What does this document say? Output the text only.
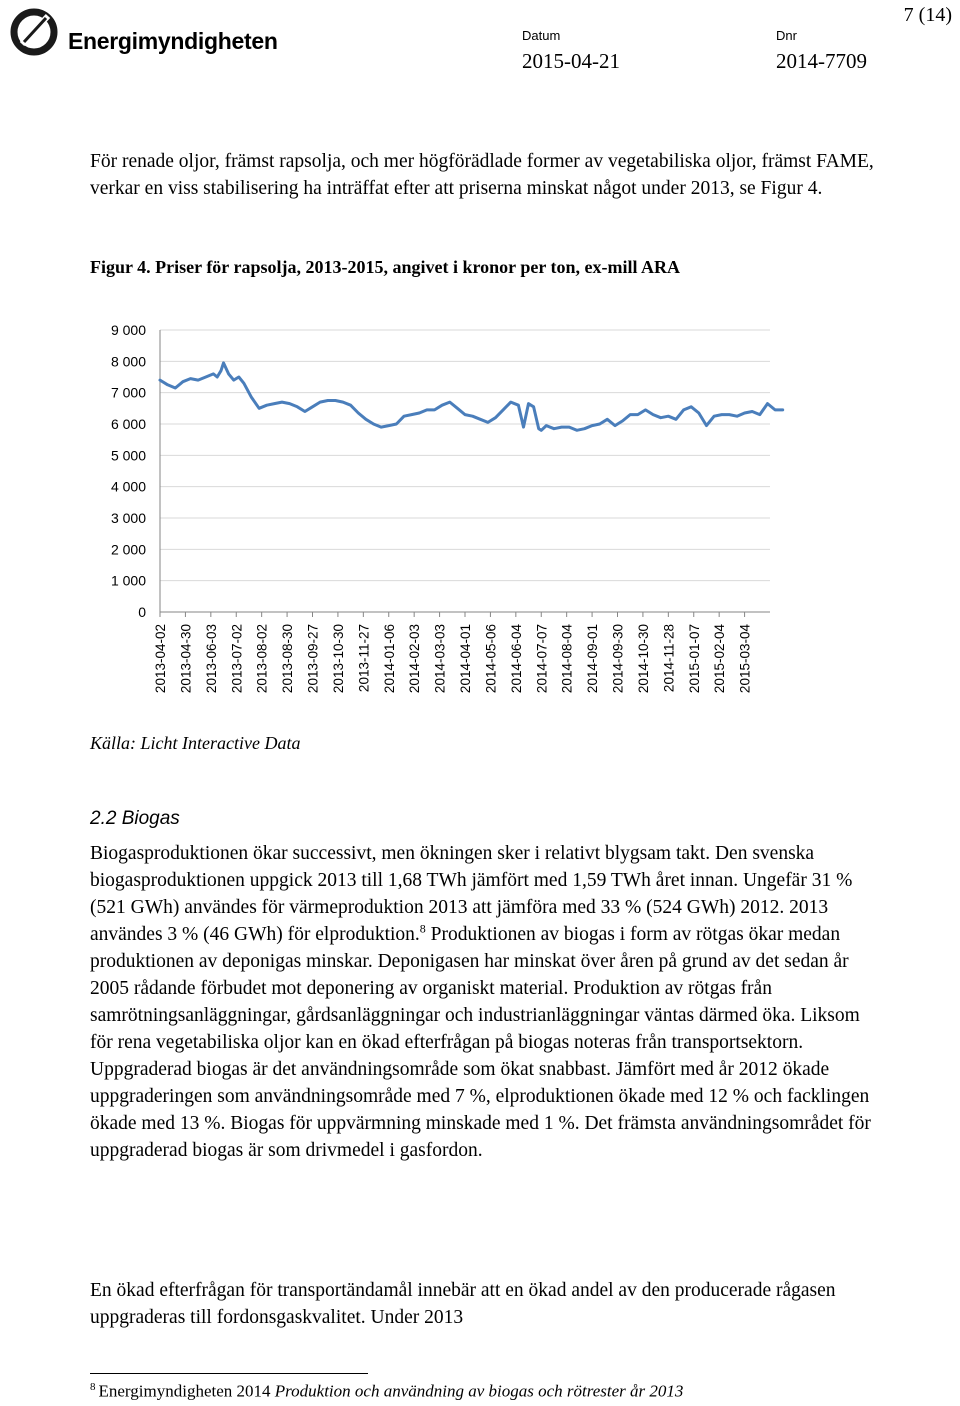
Energimyndigheten	Datum
2015-04-21
Dnr
2014-7709
7 (14)

För renade oljor, främst rapsolja, och mer högförädlade former av vegetabiliska oljor, främst FAME, verkar en viss stabilisering ha inträffat efter att priserna minskat något under 2013, se Figur 4.

Figur 4. Priser för rapsolja, 2013-2015, angivet i kronor per ton, ex-mill ARA
9 000
8 000
7 000
6 000
5 000
4 000
3 000
2 000
1 000
0
2013-04-02 2013-04-30 2013-06-03 2013-07-02 2013-08-02 2013-08-30 2013-09-27 2013-10-30 2013-11-27 2014-01-06 2014-02-03 2014-03-03 2014-04-01 2014-05-06 2014-06-04 2014-07-07 2014-08-04 2014-09-01 2014-09-30 2014-10-30 2014-11-28 2015-01-07 2015-02-04 2015-03-04
Källa: Licht Interactive Data
2.2 Biogas

Biogasproduktionen ökar successivt, men ökningen sker i relativt blygsam takt. Den svenska biogasproduktionen uppgick 2013 till 1,68 TWh jämfört med 1,59 TWh året innan. Ungefär 31 % (521 GWh) användes för värmeproduktion 2013 att jämföra med 33 % (524 GWh) 2012. 2013 användes 3 % (46 GWh) för elproduktion.$^8$ Produktionen av biogas i form av rötgas ökar medan produktionen av deponigas minskar. Deponigasen har minskat över åren på grund av det sedan år 2005 rådande förbudet mot deponering av organiskt material. Produktion av rötgas från samrötningsanläggningar, gårdsanläggningar och industrianläggningar väntas därmed öka. Liksom för rena vegetabiliska oljor kan en ökad efterfrågan på biogas noteras från transportsektorn. Uppgraderad biogas är det användningsområde som ökat snabbast. Jämfört med år 2012 ökade uppgraderingen som användningsområde med 7 %, elproduktionen ökade med 12 % och facklingen ökade med 13 %. Biogas för uppvärmning minskade med 1 %. Det främsta användningsområdet för uppgraderad biogas är som drivmedel i gasfordon.

En ökad efterfrågan för transportändamål innebär att en ökad andel av den producerade rågasen uppgraderas till fordonsgaskvalitet. Under 2013

$^8$ Energimyndigheten 2014 Produktion och användning av biogas och rötrester år 2013
